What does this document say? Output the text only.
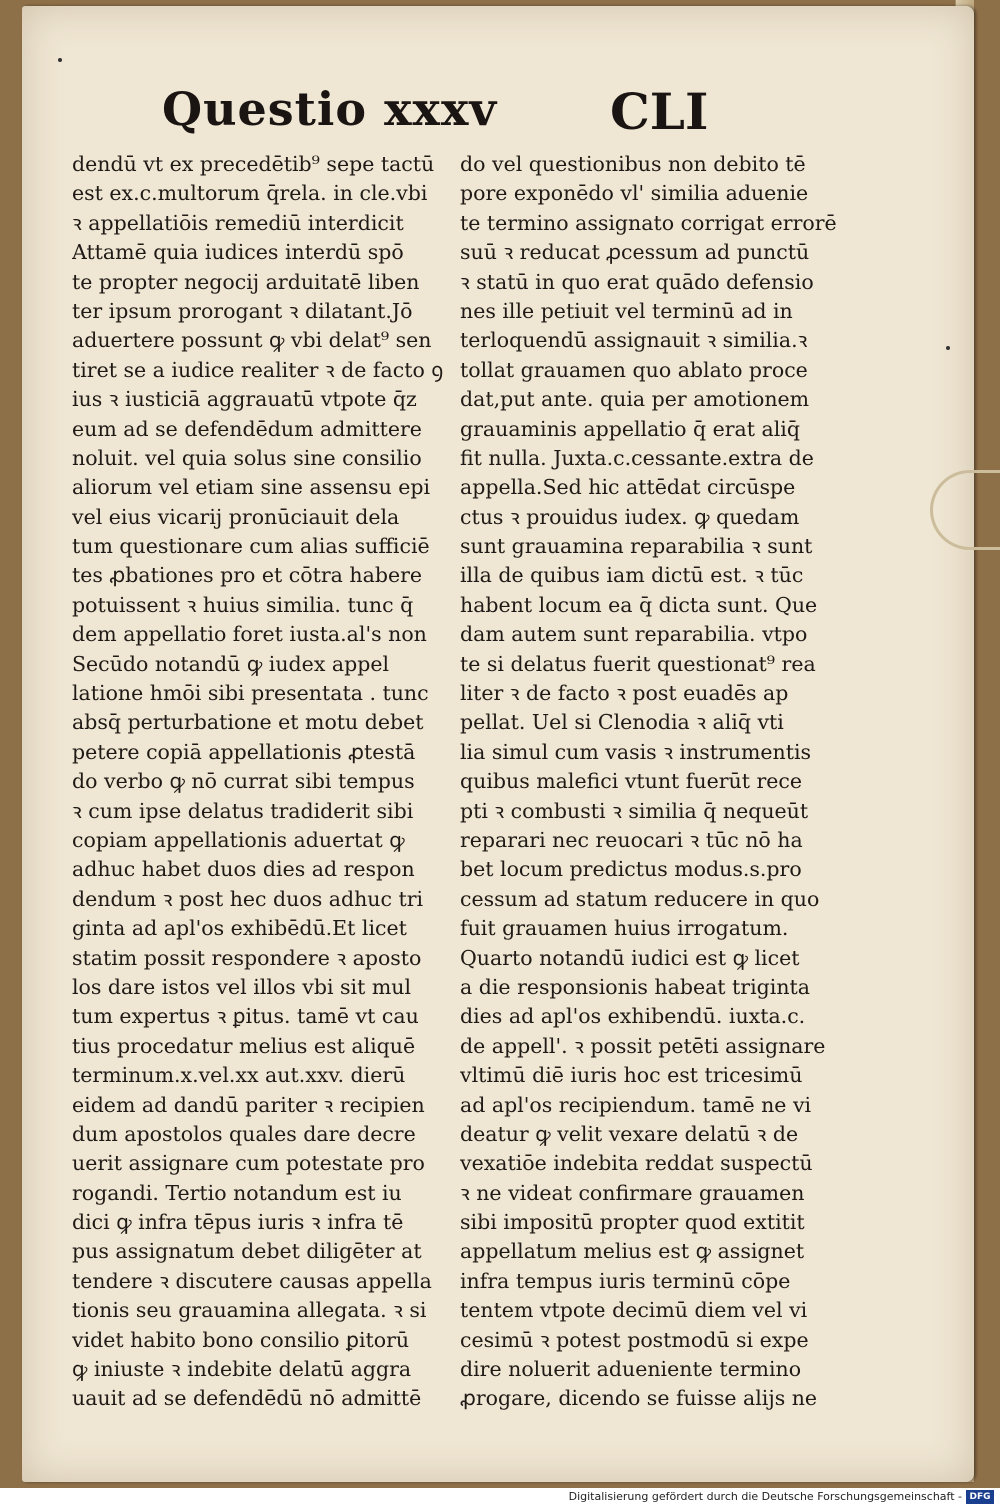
Questio xxxv CLI
dendū vt ex precedētib⁹ sepe tactū
est ex.c.multorum q̄rela. in cle.vbi
ꝛ appellatiōis remediū interdicit
Attamē quia iudices interdū spō
te propter negocij arduitatē liben
ter ipsum prorogant ꝛ dilatant.Jō
aduertere possunt ꝙ vbi delat⁹ sen
tiret se a iudice realiter ꝛ de facto ꝯ
ius ꝛ iusticiā aggrauatū vtpote q̄z
eum ad se defendēdum admittere
noluit. vel quia solus sine consilio
aliorum vel etiam sine assensu epi
vel eius vicarij pronūciauit dela
tum questionare cum alias sufficiē
tes ꝓbationes pro et cōtra habere
potuissent ꝛ huius similia. tunc q̄
dem appellatio foret iusta.al's non
Secūdo notandū ꝙ iudex appel
latione hmōi sibi presentata . tunc
absq̄ perturbatione et motu debet
petere copiā appellationis ꝓtestā
do verbo ꝙ nō currat sibi tempus
ꝛ cum ipse delatus tradiderit sibi
copiam appellationis aduertat ꝙ
adhuc habet duos dies ad respon
dendum ꝛ post hec duos adhuc tri
ginta ad apl'os exhibēdū.Et licet
statim possit respondere ꝛ aposto
los dare istos vel illos vbi sit mul
tum expertus ꝛ ꝑitus. tamē vt cau
tius procedatur melius est aliquē
terminum.x.vel.xx aut.xxv. dierū
eidem ad dandū pariter ꝛ recipien
dum apostolos quales dare decre
uerit assignare cum potestate pro
rogandi. Tertio notandum est iu
dici ꝙ infra tēpus iuris ꝛ infra tē
pus assignatum debet diligēter at
tendere ꝛ discutere causas appella
tionis seu grauamina allegata. ꝛ si
videt habito bono consilio ꝑitorū
ꝙ iniuste ꝛ indebite delatū aggra
uauit ad se defendēdū nō admittē
do vel questionibus non debito tē
pore exponēdo vl' similia aduenie
te termino assignato corrigat errorē
suū ꝛ reducat ꝓcessum ad punctū
ꝛ statū in quo erat quādo defensio
nes ille petiuit vel terminū ad in
terloquendū assignauit ꝛ similia.ꝛ
tollat grauamen quo ablato proce
dat,put ante. quia per amotionem
grauaminis appellatio q̄ erat aliq̄
fit nulla. Juxta.c.cessante.extra de
appella.Sed hic attēdat circūspe
ctus ꝛ prouidus iudex. ꝙ quedam
sunt grauamina reparabilia ꝛ sunt
illa de quibus iam dictū est. ꝛ tūc
habent locum ea q̄ dicta sunt. Que
dam autem sunt reparabilia. vtpo
te si delatus fuerit questionat⁹ rea
liter ꝛ de facto ꝛ post euadēs ap
pellat. Uel si Clenodia ꝛ aliq̄ vti
lia simul cum vasis ꝛ instrumentis
quibus malefici vtunt fuerūt rece
pti ꝛ combusti ꝛ similia q̄ nequeūt
reparari nec reuocari ꝛ tūc nō ha
bet locum predictus modus.s.pro
cessum ad statum reducere in quo
fuit grauamen huius irrogatum.
Quarto notandū iudici est ꝙ licet
a die responsionis habeat triginta
dies ad apl'os exhibendū. iuxta.c.
de appell'. ꝛ possit petēti assignare
vltimū diē iuris hoc est tricesimū
ad apl'os recipiendum. tamē ne vi
deatur ꝙ velit vexare delatū ꝛ de
vexatiōe indebita reddat suspectū
ꝛ ne videat confirmare grauamen
sibi impositū propter quod extitit
appellatum melius est ꝙ assignet
infra tempus iuris terminū cōpe
tentem vtpote decimū diem vel vi
cesimū ꝛ potest postmodū si expe
dire noluerit adueniente termino
ꝓrogare, dicendo se fuisse alijs ne
Digitalisierung gefördert durch die Deutsche Forschungsgemeinschaft - DFG
